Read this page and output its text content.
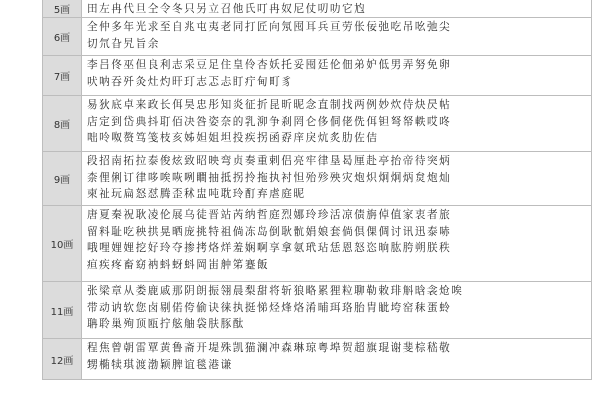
5画	田左冉代旦仝令冬只另立召他氏叮冉奴尼仗叨叻它尥
6画
全仲多年光求至自兆屯夷老同打匠向氖囤耳兵亘劳伥佞弛吃吊吆弛尖
切氘旮旯旨余
7画
李吕佟巫但良利志采豆足住皇伶杏妖托妥囤廷伦佃弟妒低男弄努免卵
吠呐吞歼灸灶灼旰玎志忑忐盯疔甸町豸
8画
易狄底卓来政长佴昊忠彤知炎征折昆昕昵念直制找两例妙炊侍炔昃帖
店定到岱典抖耵佰决咎姿奈的乳泖争刹罔仑侈侗佬侁佴钽弩帑軼哎咚
咄呤呶赘笃笺枝亥姊妲姐坦投疾拐函孬庠戾炕炙肋佐佶
9画
段招南拓拉泰俊炫致昭映弯贞奏重剌侣亮牢律垦曷厘赴亭抬帝待突炳
柰俚俐订律哆唉咴咧瞷抽抵拐拎拖执衬怛殆殄殃灾炮炽炯炯炳炱炮灿
柬祉玩扁怒怼腾歪秫盅吨耽玲酊弃虐庭昵
10画
唐夏秦祝耿凌伦展乌徒晋站芮纳哲庭烈娜玲珍活凉债旃倬值家衷者旅
留料耻吃秧拱晃晒庞挑特祖倘冻岛倒耿骯娟娘套倘倶倮倜讨讯迅泰哧
哦哩娌娌挖好玲夺掺拷烙烊羞娴啊享拿氨玳玷恁恩怒恣晌肱胯朔朕秩
疸疾疼畜窈衲蚪蚜蚪岡峀舯笫蹇飯
11画
张梁章从娄鹿戚那阴朗振翎晨梨甜将斩狼略累狸粒聊勒敕琲斛晗衾炝唉
带动讷软您卤剔偌侉偷诀徕执挺悌烃烽烙淆晡珥珞胎胄眦垮窑秣蛋蛉
聃聆巢殉顶瓯拧舷舳袋肤豚酞
12画
程焦曾朝雷覃黄鲁斋开堤殊凯猫澜冲森琳琼粤埠贺超旗琨谢斐棕嵇敬
甥椭犊琪渡渤颖脾谊毯港谦
